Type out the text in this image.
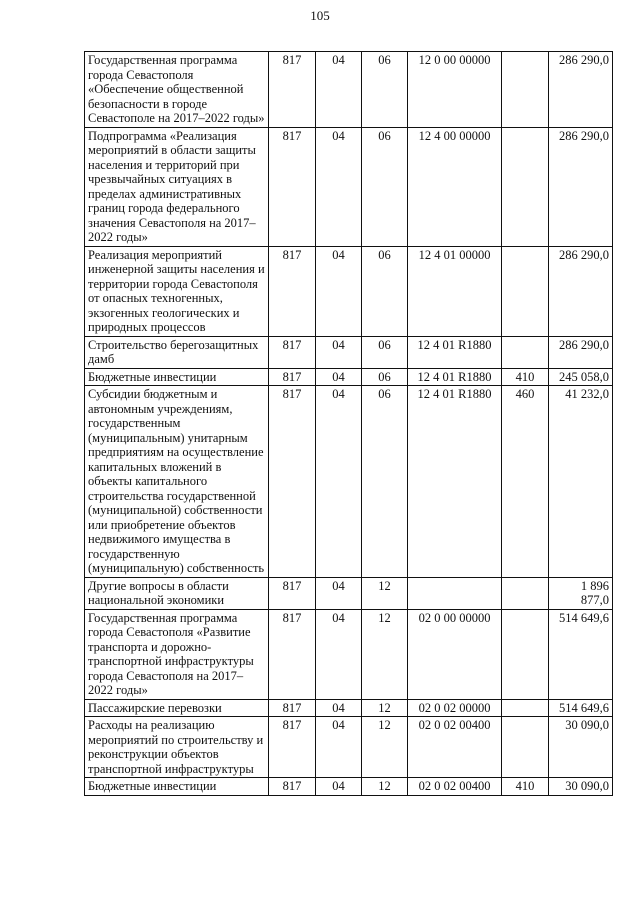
105
Государственная программа города Севастополя «Обеспечение общественной безопасности в городе Севастополе на 2017–2022 годы»	817	04	06	12 0 00 00000		286 290,0
Подпрограмма «Реализация мероприятий в области защиты населения и территорий при чрезвычайных ситуациях в пределах административных границ города федерального значения Севастополя на 2017–2022 годы»	817	04	06	12 4 00 00000		286 290,0
Реализация мероприятий инженерной защиты населения и территории города Севастополя от опасных техногенных, экзогенных геологических и природных процессов	817	04	06	12 4 01 00000		286 290,0
Строительство берегозащитных дамб	817	04	06	12 4 01 R1880		286 290,0
Бюджетные инвестиции	817	04	06	12 4 01 R1880	410	245 058,0
Субсидии бюджетным и автономным учреждениям, государственным (муниципальным) унитарным предприятиям на осуществление капитальных вложений в объекты капитального строительства государственной (муниципальной) собственности или приобретение объектов недвижимого имущества в государственную (муниципальную) собственность	817	04	06	12 4 01 R1880	460	41 232,0
Другие вопросы в области национальной экономики	817	04	12			1 896 877,0
Государственная программа города Севастополя «Развитие транспорта и дорожно-транспортной инфраструктуры города Севастополя на 2017–2022 годы»	817	04	12	02 0 00 00000		514 649,6
Пассажирские перевозки	817	04	12	02 0 02 00000		514 649,6
Расходы на реализацию мероприятий по строительству и реконструкции объектов транспортной инфраструктуры	817	04	12	02 0 02 00400		30 090,0
Бюджетные инвестиции	817	04	12	02 0 02 00400	410	30 090,0
